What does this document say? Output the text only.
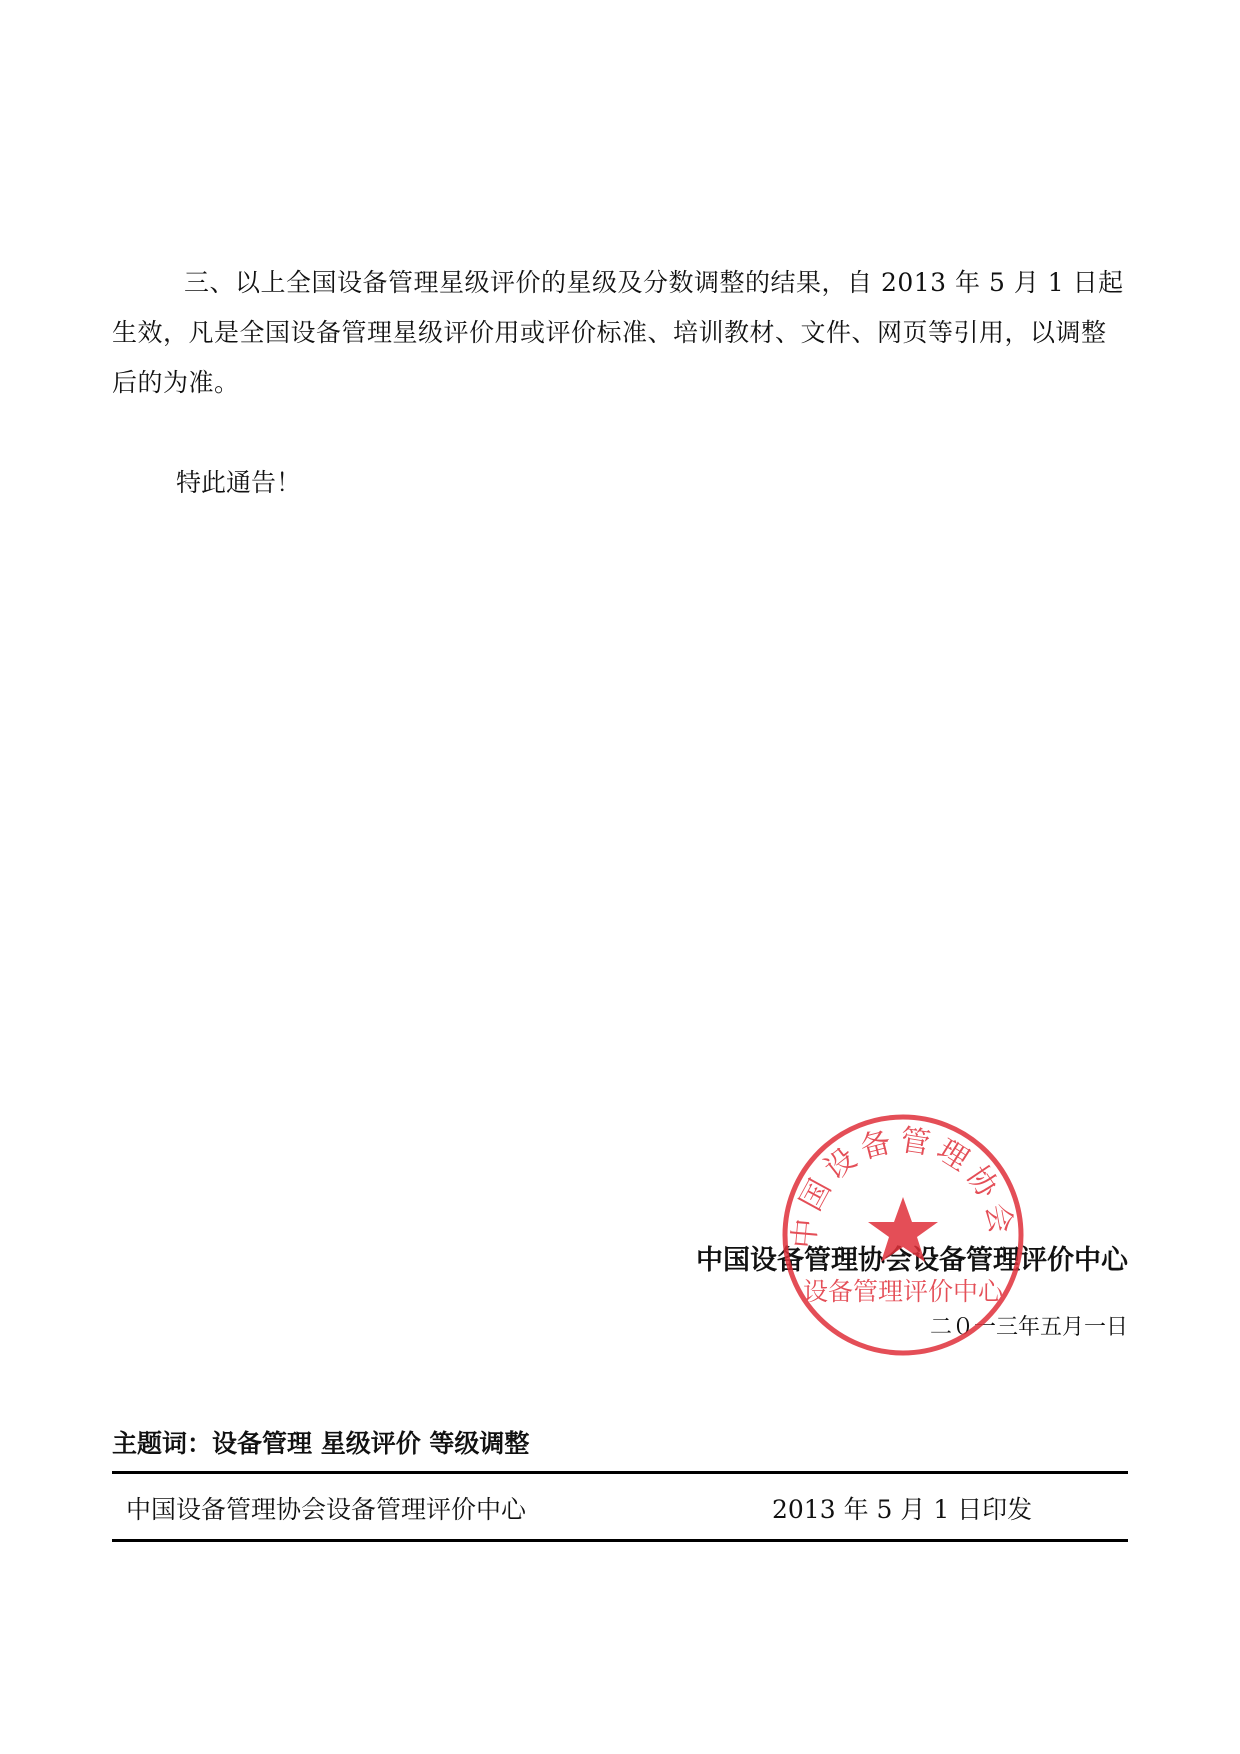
三、以上全国设备管理星级评价的星级及分数调整的结果，自 2013 年 5 月 1 日起生效，凡是全国设备管理星级评价用或评价标准、培训教材、文件、网页等引用，以调整后的为准。
特此通告！
中国设备管理协会设备管理评价中心
二０一三年五月一日
中国设备管理协会
设备管理评价中心
主题词：设备管理 星级评价 等级调整
中国设备管理协会设备管理评价中心	2013 年 5 月 1 日印发
